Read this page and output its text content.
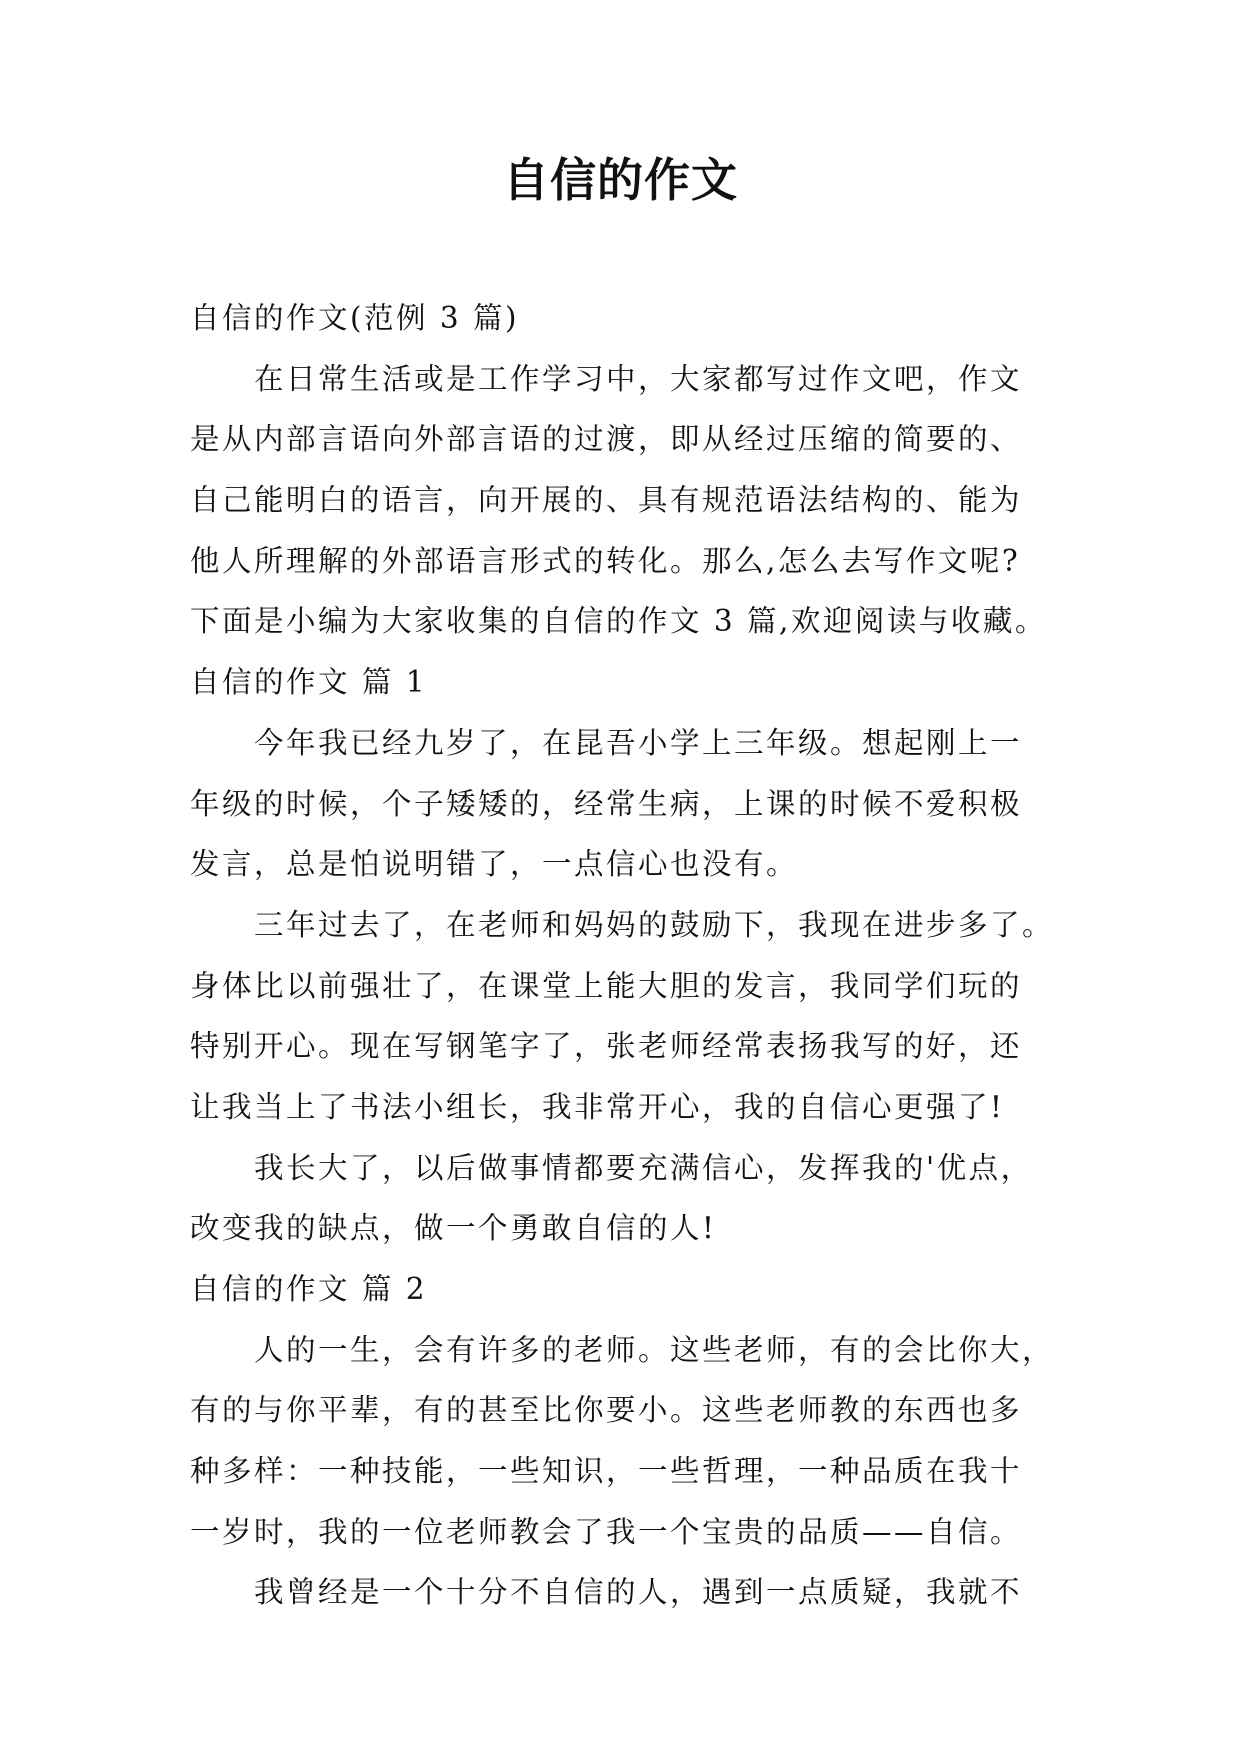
自信的作文

自信的作文(范例 3 篇)

在日常生活或是工作学习中，大家都写过作文吧，作文

是从内部言语向外部言语的过渡，即从经过压缩的简要的、

自己能明白的语言，向开展的、具有规范语法结构的、能为

他人所理解的外部语言形式的转化。那么,怎么去写作文呢?

下面是小编为大家收集的自信的作文 3 篇,欢迎阅读与收藏。

自信的作文 篇 1

今年我已经九岁了，在昆吾小学上三年级。想起刚上一

年级的时候，个子矮矮的，经常生病，上课的时候不爱积极

发言，总是怕说明错了，一点信心也没有。

三年过去了，在老师和妈妈的鼓励下，我现在进步多了。

身体比以前强壮了，在课堂上能大胆的发言，我同学们玩的

特别开心。现在写钢笔字了，张老师经常表扬我写的好，还

让我当上了书法小组长，我非常开心，我的自信心更强了!

我长大了，以后做事情都要充满信心，发挥我的'优点，

改变我的缺点，做一个勇敢自信的人!

自信的作文 篇 2

人的一生，会有许多的老师。这些老师，有的会比你大，

有的与你平辈，有的甚至比你要小。这些老师教的东西也多

种多样：一种技能，一些知识，一些哲理，一种品质在我十

一岁时，我的一位老师教会了我一个宝贵的品质——自信。

我曾经是一个十分不自信的人，遇到一点质疑，我就不
